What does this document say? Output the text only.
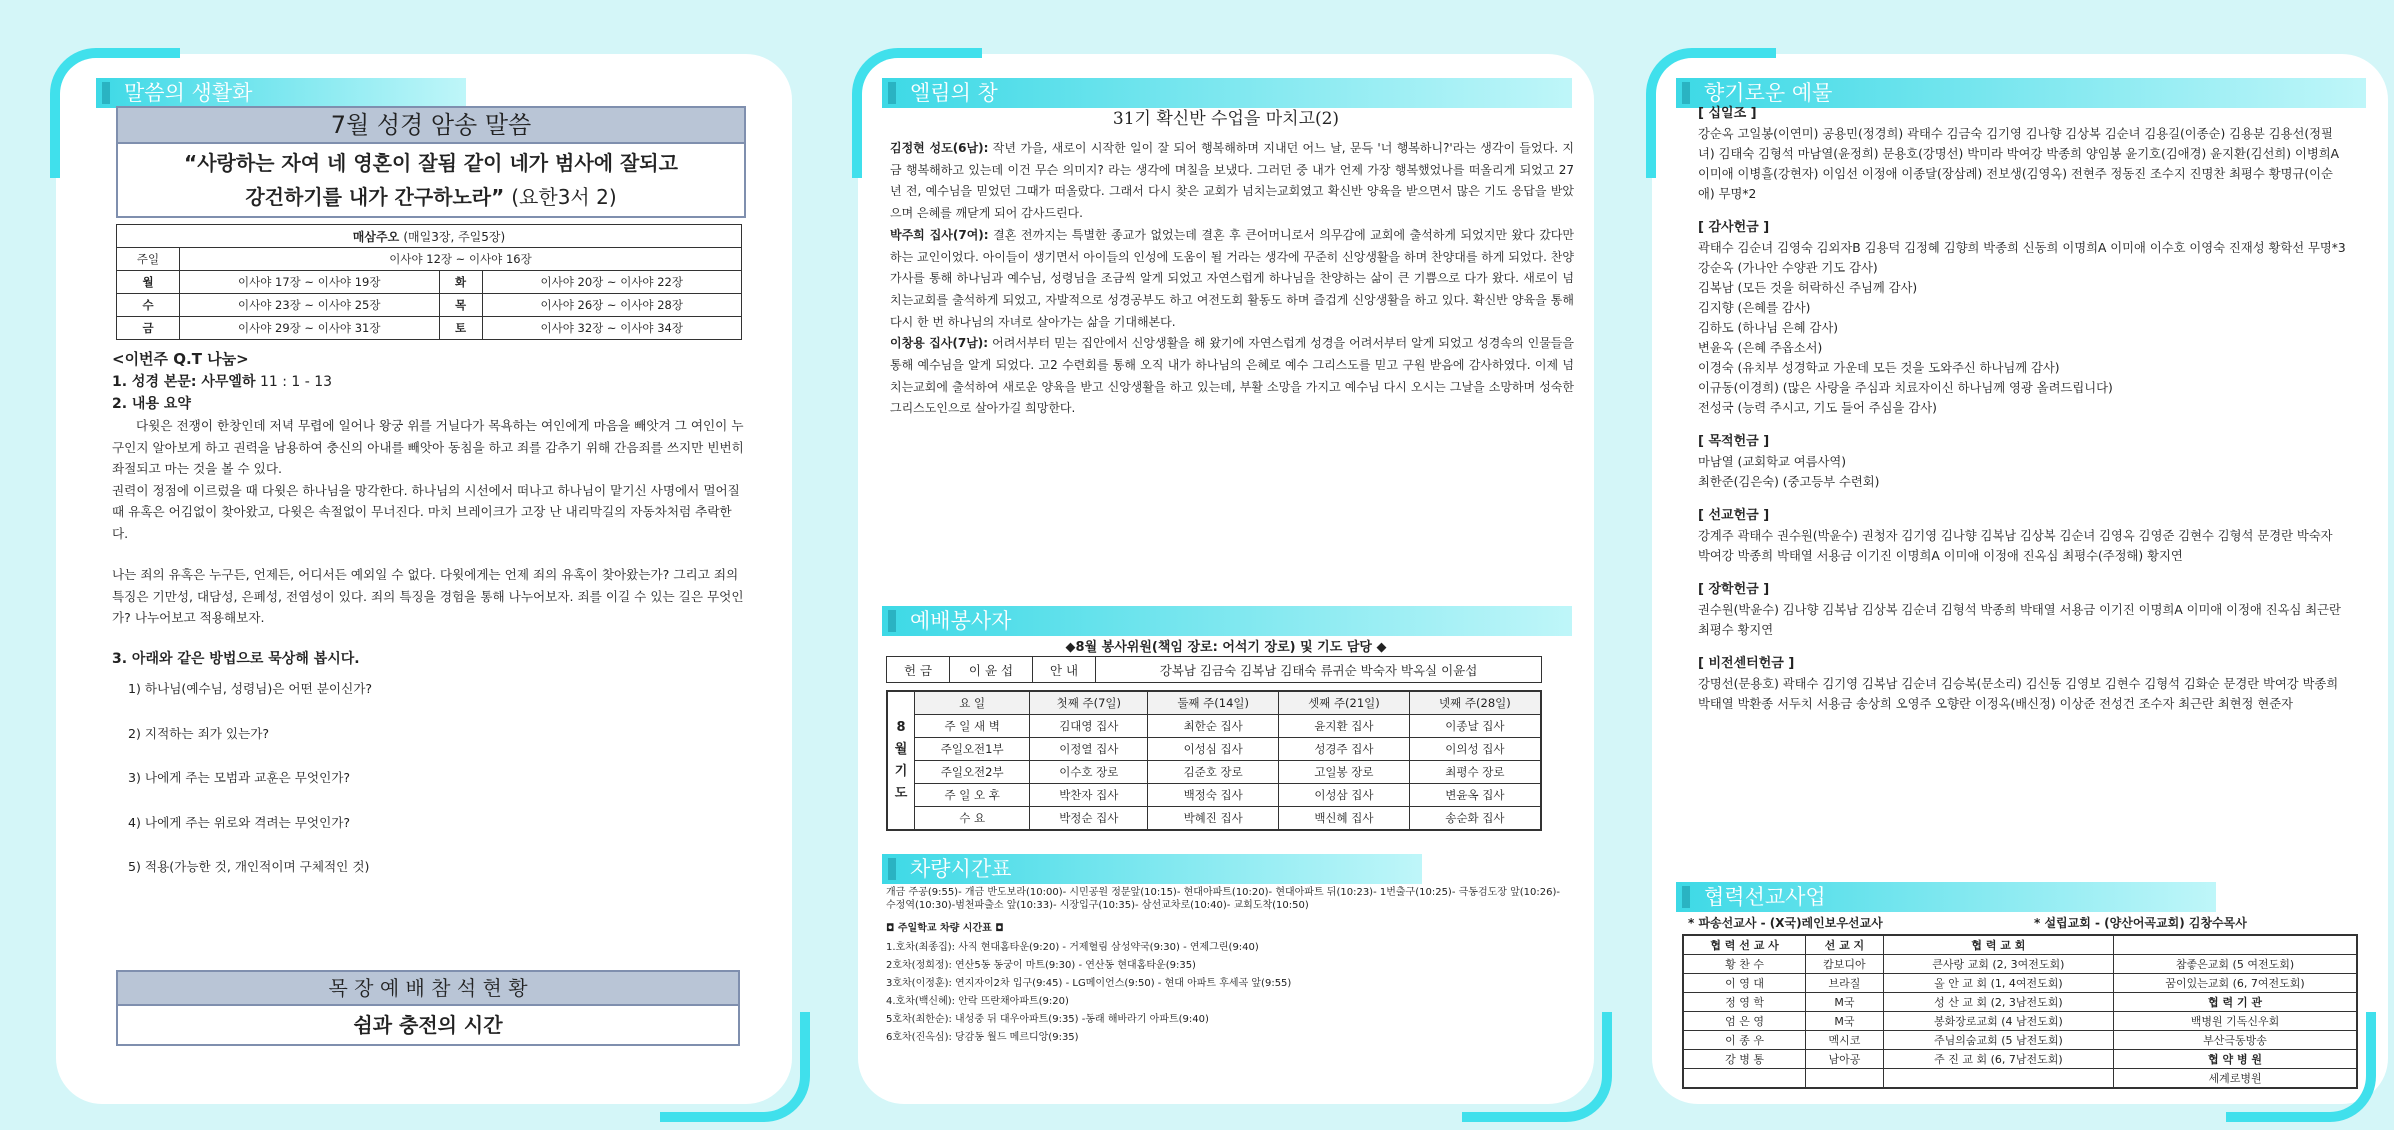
말씀의 생활화
7월 성경 암송 말씀
“사랑하는 자여 네 영혼이 잘됨 같이 네가 범사에 잘되고
강건하기를 내가 간구하노라” (요한3서 2)
매삼주오 (매일3장, 주일5장)			
주일	이사야 12장 ~ 이사야 16장		
월	이사야 17장 ~ 이사야 19장	화	이사야 20장 ~ 이사야 22장
수	이사야 23장 ~ 이사야 25장	목	이사야 26장 ~ 이사야 28장
금	이사야 29장 ~ 이사야 31장	토	이사야 32장 ~ 이사야 34장
<이번주 Q.T 나눔>
1. 성경 본문: 사무엘하 11 : 1 - 13
2. 내용 요약

다윗은 전쟁이 한창인데 저녁 무렵에 일어나 왕궁 위를 거닐다가 목욕하는 여인에게 마음을 빼앗겨 그 여인이 누구인지 알아보게 하고 권력을 남용하여 충신의 아내를 빼앗아 동침을 하고 죄를 감추기 위해 간음죄를 쓰지만 빈번히 좌절되고 마는 것을 볼 수 있다.

권력이 정점에 이르렀을 때 다윗은 하나님을 망각한다. 하나님의 시선에서 떠나고 하나님이 맡기신 사명에서 멀어질 때 유혹은 어김없이 찾아왔고, 다윗은 속절없이 무너진다. 마치 브레이크가 고장 난 내리막길의 자동차처럼 추락한다.

나는 죄의 유혹은 누구든, 언제든, 어디서든 예외일 수 없다. 다윗에게는 언제 죄의 유혹이 찾아왔는가? 그리고 죄의 특징은 기만성, 대담성, 은폐성, 전염성이 있다. 죄의 특징을 경험을 통해 나누어보자. 죄를 이길 수 있는 길은 무엇인가? 나누어보고 적용해보자.

3. 아래와 같은 방법으로 묵상해 봅시다.
1) 하나님(예수님, 성령님)은 어떤 분이신가?
2) 지적하는 죄가 있는가?
3) 나에게 주는 모범과 교훈은 무엇인가?
4) 나에게 주는 위로와 격려는 무엇인가?
5) 적용(가능한 것, 개인적이며 구체적인 것)
목 장 예 배 참 석 현 황
쉼과 충전의 시간
엘림의 창
31기 확신반 수업을 마치고(2)

김정현 성도(6남): 작년 가을, 새로이 시작한 일이 잘 되어 행복해하며 지내던 어느 날, 문득 '너 행복하니?'라는 생각이 들었다. 지금 행복해하고 있는데 이건 무슨 의미지? 라는 생각에 며칠을 보냈다. 그러던 중 내가 언제 가장 행복했었나를 떠올리게 되었고 27년 전, 예수님을 믿었던 그때가 떠올랐다. 그래서 다시 찾은 교회가 넘치는교회였고 확신반 양육을 받으면서 많은 기도 응답을 받았으며 은혜를 깨닫게 되어 감사드린다.

박주희 집사(7여): 결혼 전까지는 특별한 종교가 없었는데 결혼 후 큰어머니로서 의무감에 교회에 출석하게 되었지만 왔다 갔다만 하는 교인이었다. 아이들이 생기면서 아이들의 인성에 도움이 될 거라는 생각에 꾸준히 신앙생활을 하며 찬양대를 하게 되었다. 찬양 가사를 통해 하나님과 예수님, 성령님을 조금씩 알게 되었고 자연스럽게 하나님을 찬양하는 삶이 큰 기쁨으로 다가 왔다. 새로이 넘치는교회를 출석하게 되었고, 자발적으로 성경공부도 하고 여전도회 활동도 하며 즐겁게 신앙생활을 하고 있다. 확신반 양육을 통해 다시 한 번 하나님의 자녀로 살아가는 삶을 기대해본다.

이창용 집사(7남): 어려서부터 믿는 집안에서 신앙생활을 해 왔기에 자연스럽게 성경을 어려서부터 알게 되었고 성경속의 인물들을 통해 예수님을 알게 되었다. 고2 수련회를 통해 오직 내가 하나님의 은혜로 예수 그리스도를 믿고 구원 받음에 감사하였다. 이제 넘치는교회에 출석하여 새로운 양육을 받고 신앙생활을 하고 있는데, 부활 소망을 가지고 예수님 다시 오시는 그날을 소망하며 성숙한 그리스도인으로 살아가길 희망한다.

예배봉사자
◆8월 봉사위원(책임 장로: 어석기 장로) 및 기도 담당 ◆
헌 금	이 윤 섭	안 내	강복남 김금숙 김복남 김태숙 류귀순 박숙자 박옥실 이윤섭
8
월
기
도	요 일	첫째 주(7일)	둘째 주(14일)	셋째 주(21일)	넷째 주(28일)
	주 일 새 벽	김대영 집사	최한순 집사	윤지환 집사	이종날 집사
	주일오전1부	이정열 집사	이성심 집사	성경주 집사	이의성 집사
	주일오전2부	이수호 장로	김준호 장로	고일봉 장로	최평수 장로
	주 일 오 후	박찬자 집사	백정숙 집사	이성삼 집사	변윤옥 집사
	수 요	박정순 집사	박혜진 집사	백신혜 집사	송순화 집사
차량시간표
개금 주공(9:55)- 개금 반도보라(10:00)- 시민공원 정문앞(10:15)- 현대아파트(10:20)- 현대아파트 뒤(10:23)- 1번출구(10:25)- 극동검도장 앞(10:26)- 수정역(10:30)-범천파출소 앞(10:33)- 시장입구(10:35)- 삼선교차로(10:40)- 교회도착(10:50)
◘ 주일학교 차량 시간표 ◘
1.호차(최종집): 사직 현대홈타운(9:20) - 거제혈림 삼성약국(9:30) - 연제그린(9:40)
2호차(정희정): 연산5동 동궁이 마트(9:30) - 연산동 현대홈타운(9:35)
3호차(이정훈): 연지자이2차 입구(9:45) - LG메이언스(9:50) - 현대 아파트 후세곡 앞(9:55)
4.호차(백신혜): 안락 뜨란채아파트(9:20)
5호차(최한순): 내성중 뒤 대우아파트(9:35) -동래 해바라기 아파트(9:40)
6호차(진옥심): 당감동 월드 메르디앙(9:35)
향기로운 예물
[ 십일조 ]
강순옥 고일봉(이연미) 공용민(정경희) 곽태수 김금숙 김기영 김나향 김상복 김순녀 김용길(이종순) 김용분 김용선(정필녀) 김태숙 김형석 마남열(윤정희) 문용호(강명선) 박미라 박여강 박종희 양임봉 윤기호(김애경) 윤지환(김선희) 이병희A 이미애 이병흘(강현자) 이임선 이정애 이종달(장삼례) 전보생(김영옥) 전현주 정동진 조수지 진명찬 최평수 황명규(이순애) 무명*2
[ 감사헌금 ]
곽태수 김순녀 김영숙 김외자B 김용덕 김정혜 김향희 박종희 신동희 이명희A 이미애 이수호 이영숙 진재성 황학선 무명*3
강순옥 (가나안 수양관 기도 감사)
김복남 (모든 것을 허락하신 주님께 감사)
김지향 (은혜를 감사)
김하도 (하나님 은혜 감사)
변윤옥 (은혜 주옵소서)
이경숙 (유치부 성경학교 가운데 모든 것을 도와주신 하나님께 감사)
이규동(이경희) (많은 사랑을 주심과 치료자이신 하나님께 영광 올려드립니다)
전성국 (능력 주시고, 기도 들어 주심을 감사)
[ 목적헌금 ]
마남열 (교회학교 여름사역)
최한준(김은숙) (중고등부 수련회)
[ 선교헌금 ]
강계주 곽태수 권수원(박윤수) 권청자 김기영 김나향 김복남 김상복 김순녀 김영옥 김영준 김현수 김형석 문경란 박숙자 박여강 박종희 박태열 서용금 이기진 이명희A 이미애 이정애 진옥심 최평수(주정해) 황지연
[ 장학헌금 ]
권수원(박윤수) 김나향 김복남 김상복 김순녀 김형석 박종희 박태열 서용금 이기진 이명희A 이미애 이정애 진옥심 최근란 최평수 황지연
[ 비전센터헌금 ]
강명선(문용호) 곽태수 김기영 김복남 김순녀 김승복(문소리) 김신동 김영보 김현수 김형석 김화순 문경란 박여강 박종희 박태열 박환종 서두치 서용금 송상희 오영주 오향란 이정옥(배신정) 이상준 전성건 조수자 최근란 최현정 현준자
협력선교사업
* 파송선교사 - (X국)레인보우선교사	* 설립교회 - (양산어곡교회) 김창수목사
협 력 선 교 사	선 교 지	협 력 교 회	
황 찬 수	캄보디아	큰사랑 교회 (2, 3여전도회)	참좋은교회 (5 여전도회)
이 영 대	브라질	올 안 교 회 (1, 4여전도회)	꿈이있는교회 (6, 7여전도회)
정 영 학	M국	성 산 교 회 (2, 3남전도회)	협 력 기 관
엄 은 영	M국	봉화장로교회 (4 남전도회)	백병원 기독신우회
이 종 우	멕시코	주님의숨교회 (5 남전도회)	부산극동방송
강 병 통	남아공	주 진 교 회 (6, 7남전도회)	협 약 병 원
			세계로병원
